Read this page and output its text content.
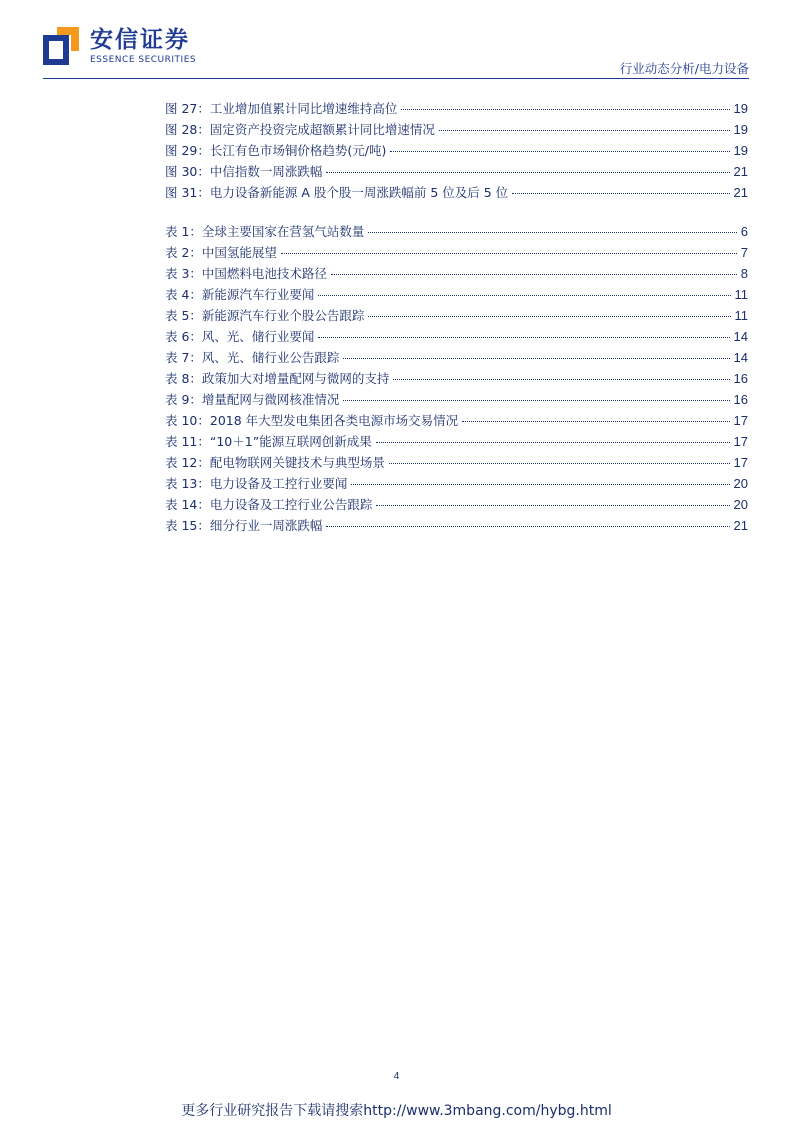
安信证券
ESSENCE SECURITIES
行业动态分析/电力设备
图 27：工业增加值累计同比增速维持高位	19
图 28：固定资产投资完成超额累计同比增速情况	19
图 29：长江有色市场铜价格趋势(元/吨)	19
图 30：中信指数一周涨跌幅	21
图 31：电力设备新能源 A 股个股一周涨跌幅前 5 位及后 5 位	21
表 1：全球主要国家在营氢气站数量	6
表 2：中国氢能展望	7
表 3：中国燃料电池技术路径	8
表 4：新能源汽车行业要闻	11
表 5：新能源汽车行业个股公告跟踪	11
表 6：风、光、储行业要闻	14
表 7：风、光、储行业公告跟踪	14
表 8：政策加大对增量配网与微网的支持	16
表 9：增量配网与微网核准情况	16
表 10：2018 年大型发电集团各类电源市场交易情况	17
表 11：“10＋1”能源互联网创新成果	17
表 12：配电物联网关键技术与典型场景	17
表 13：电力设备及工控行业要闻	20
表 14：电力设备及工控行业公告跟踪	20
表 15：细分行业一周涨跌幅	21
4
更多行业研究报告下载请搜索http://www.3mbang.com/hybg.html
